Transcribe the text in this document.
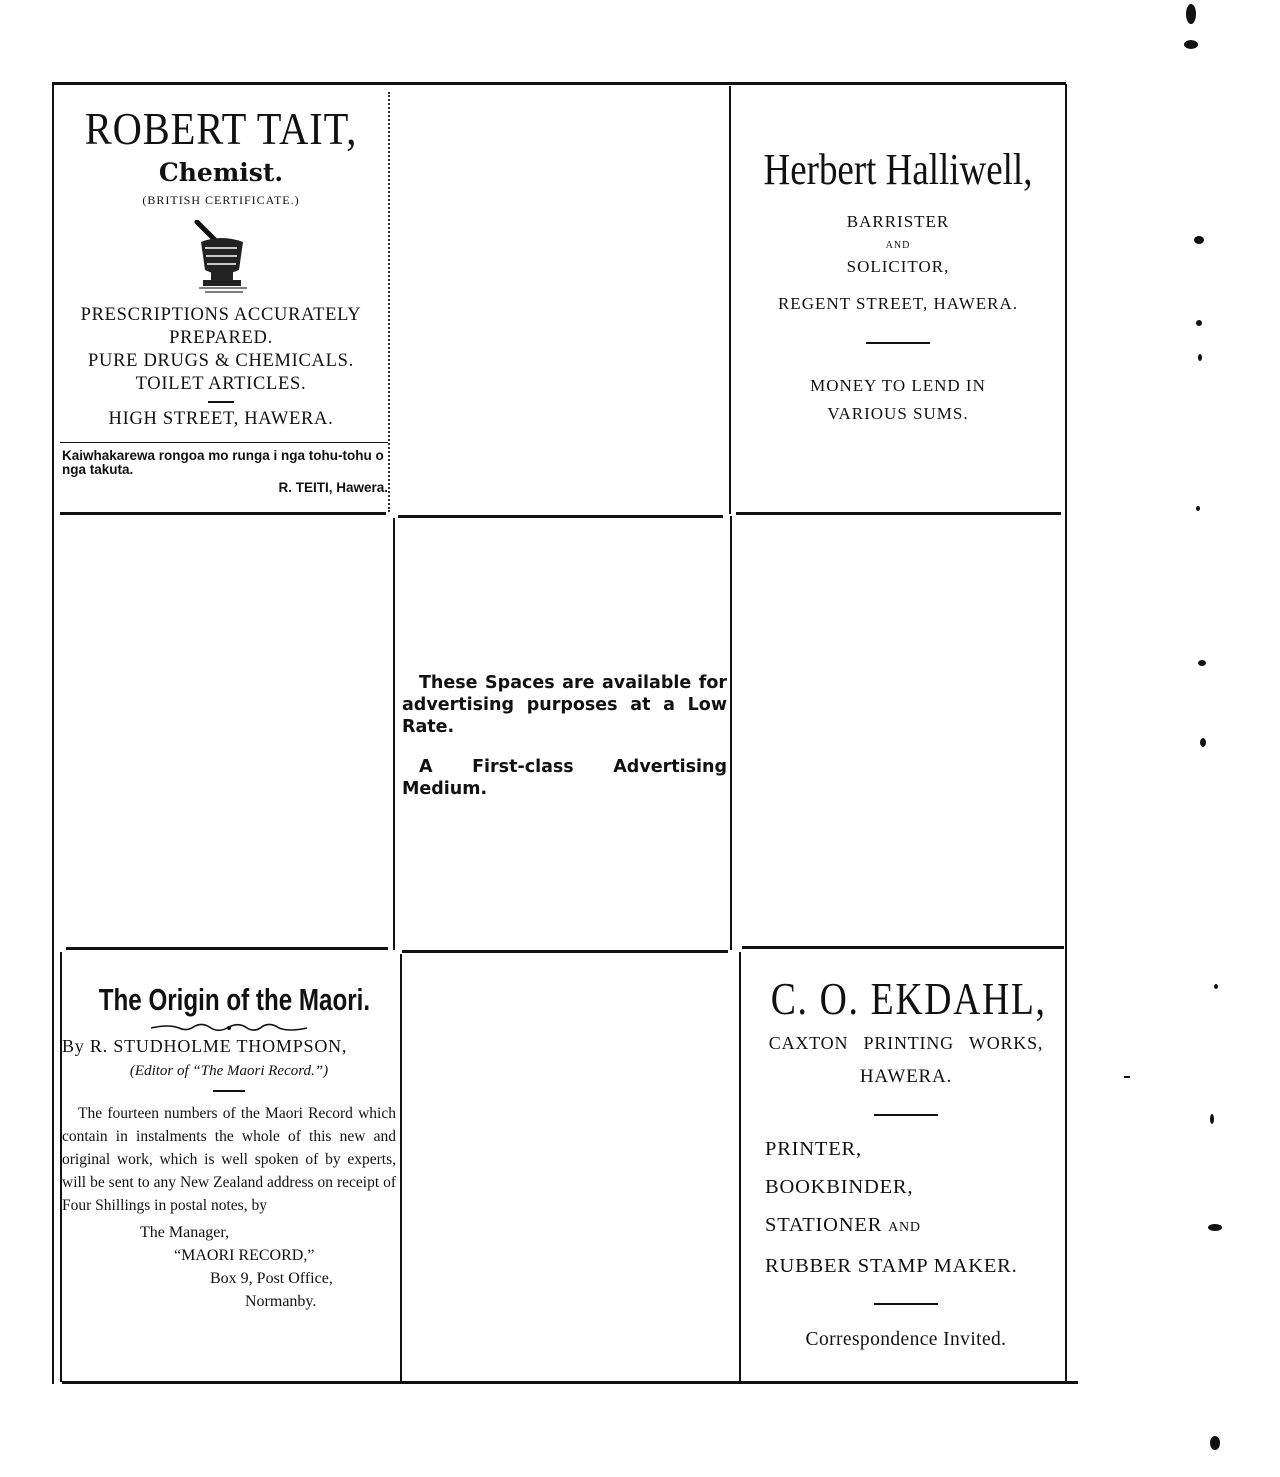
ROBERT TAIT,
Chemist.
(BRITISH CERTIFICATE.)
PRESCRIPTIONS ACCURATELY
PREPARED.
PURE DRUGS & CHEMICALS.
TOILET ARTICLES.
HIGH STREET, HAWERA.
Kaiwhakarewa rongoa mo runga i nga tohu-tohu o nga takuta.
R. TEITI, Hawera.
Herbert Halliwell,
BARRISTER
AND
SOLICITOR,
REGENT STREET, HAWERA.
MONEY TO LEND IN
VARIOUS SUMS.

These Spaces are available for advertising purposes at a Low Rate.

A First-class Advertising Medium.

The Origin of the Maori.
By R. STUDHOLME THOMPSON,
(Editor of “The Maori Record.”)

The fourteen numbers of the Maori Record which contain in instalments the whole of this new and original work, which is well spoken of by experts, will be sent to any New Zealand address on receipt of Four Shillings in postal notes, by

The Manager,
“MAORI RECORD,”
Box 9, Post Office,
Normanby.
C. O. EKDAHL,
CAXTON PRINTING WORKS,
HAWERA.
PRINTER,
BOOKBINDER,
STATIONER AND
RUBBER STAMP MAKER.
Correspondence Invited.
